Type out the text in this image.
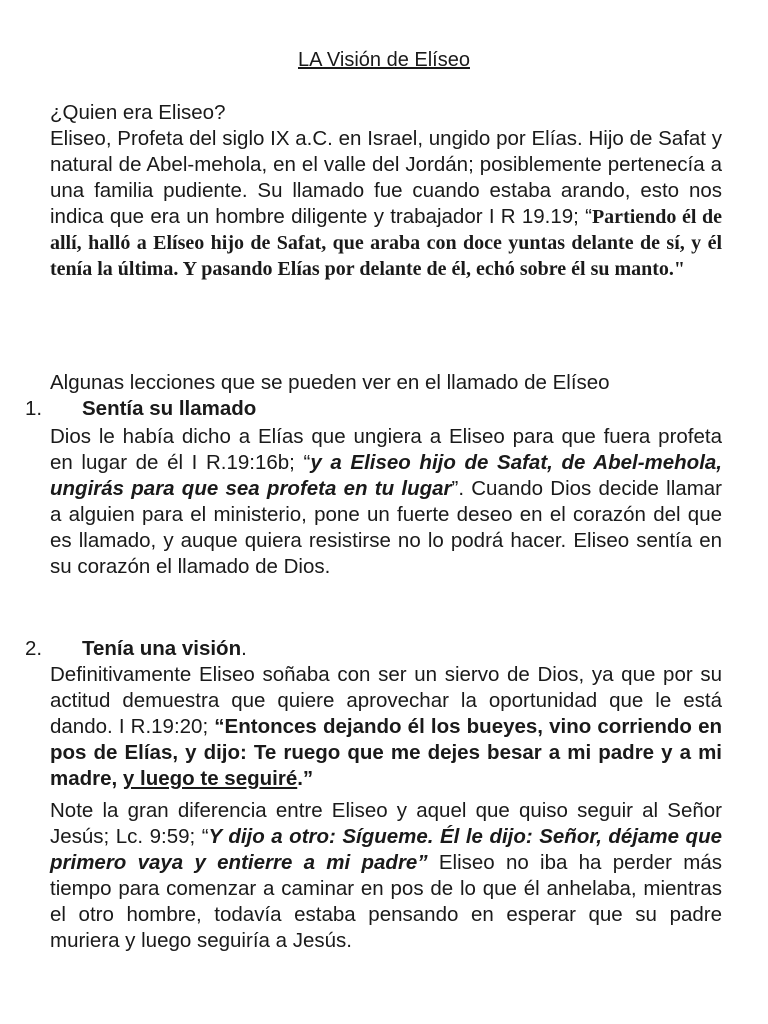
LA Visión de Elíseo

¿Quien era Eliseo?

Eliseo, Profeta del siglo IX a.C. en Israel, ungido por Elías. Hijo de Safat y natural de Abel-mehola, en el valle del Jordán; posiblemente pertenecía a una familia pudiente. Su llamado fue cuando estaba arando, esto nos indica que era un hombre diligente y trabajador I R 19.19; “Partiendo él de allí, halló a Elíseo hijo de Safat, que araba con doce yuntas delante de sí, y él tenía la última. Y pasando Elías por delante de él, echó sobre él su manto."

Algunas lecciones que se pueden ver en el llamado de Elíseo

1. Sentía su llamado

Dios le había dicho a Elías que ungiera a Eliseo para que fuera profeta en lugar de él I R.19:16b; “y a Eliseo hijo de Safat, de Abel-mehola, ungirás para que sea profeta en tu lugar”. Cuando Dios decide llamar a alguien para el ministerio, pone un fuerte deseo en el corazón del que es llamado, y auque quiera resistirse no lo podrá hacer. Eliseo sentía en su corazón el llamado de Dios.

2. Tenía una visión.

Definitivamente Eliseo soñaba con ser un siervo de Dios, ya que por su actitud demuestra que quiere aprovechar la oportunidad que le está dando. I R.19:20; “Entonces dejando él los bueyes, vino corriendo en pos de Elías, y dijo: Te ruego que me dejes besar a mi padre y a mi madre, y luego te seguiré.”

Note la gran diferencia entre Eliseo y aquel que quiso seguir al Señor Jesús; Lc. 9:59; “Y dijo a otro: Sígueme. Él le dijo: Señor, déjame que primero vaya y entierre a mi padre” Eliseo no iba ha perder más tiempo para comenzar a caminar en pos de lo que él anhelaba, mientras el otro hombre, todavía estaba pensando en esperar que su padre muriera y luego seguiría a Jesús.
